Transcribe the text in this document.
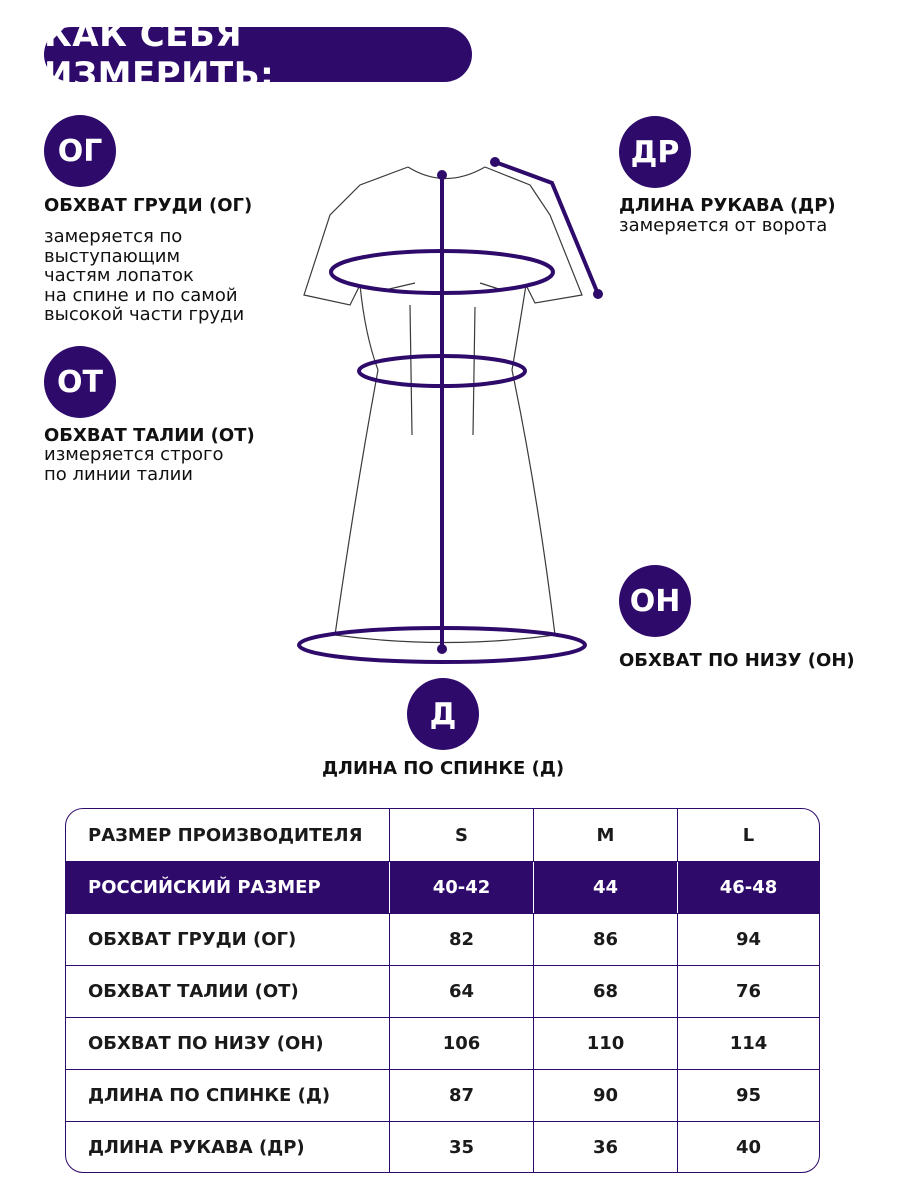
КАК СЕБЯ ИЗМЕРИТЬ:
ОГ
ОБХВАТ ГРУДИ (ОГ)
замеряется по
выступающим
частям лопаток
на спине и по самой
высокой части груди
ОТ
ОБХВАТ ТАЛИИ (ОТ)
измеряется строго
по линии талии
ДР
ДЛИНА РУКАВА (ДР)
замеряется от ворота
ОН
ОБХВАТ ПО НИЗУ (ОН)
Д
ДЛИНА ПО СПИНКЕ (Д)
РАЗМЕР ПРОИЗВОДИТЕЛЯ	S	M	L
РОССИЙСКИЙ РАЗМЕР	40-42	44	46-48
ОБХВАТ ГРУДИ (ОГ)	82	86	94
ОБХВАТ ТАЛИИ (ОТ)	64	68	76
ОБХВАТ ПО НИЗУ (ОН)	106	110	114
ДЛИНА ПО СПИНКЕ (Д)	87	90	95
ДЛИНА РУКАВА (ДР)	35	36	40
